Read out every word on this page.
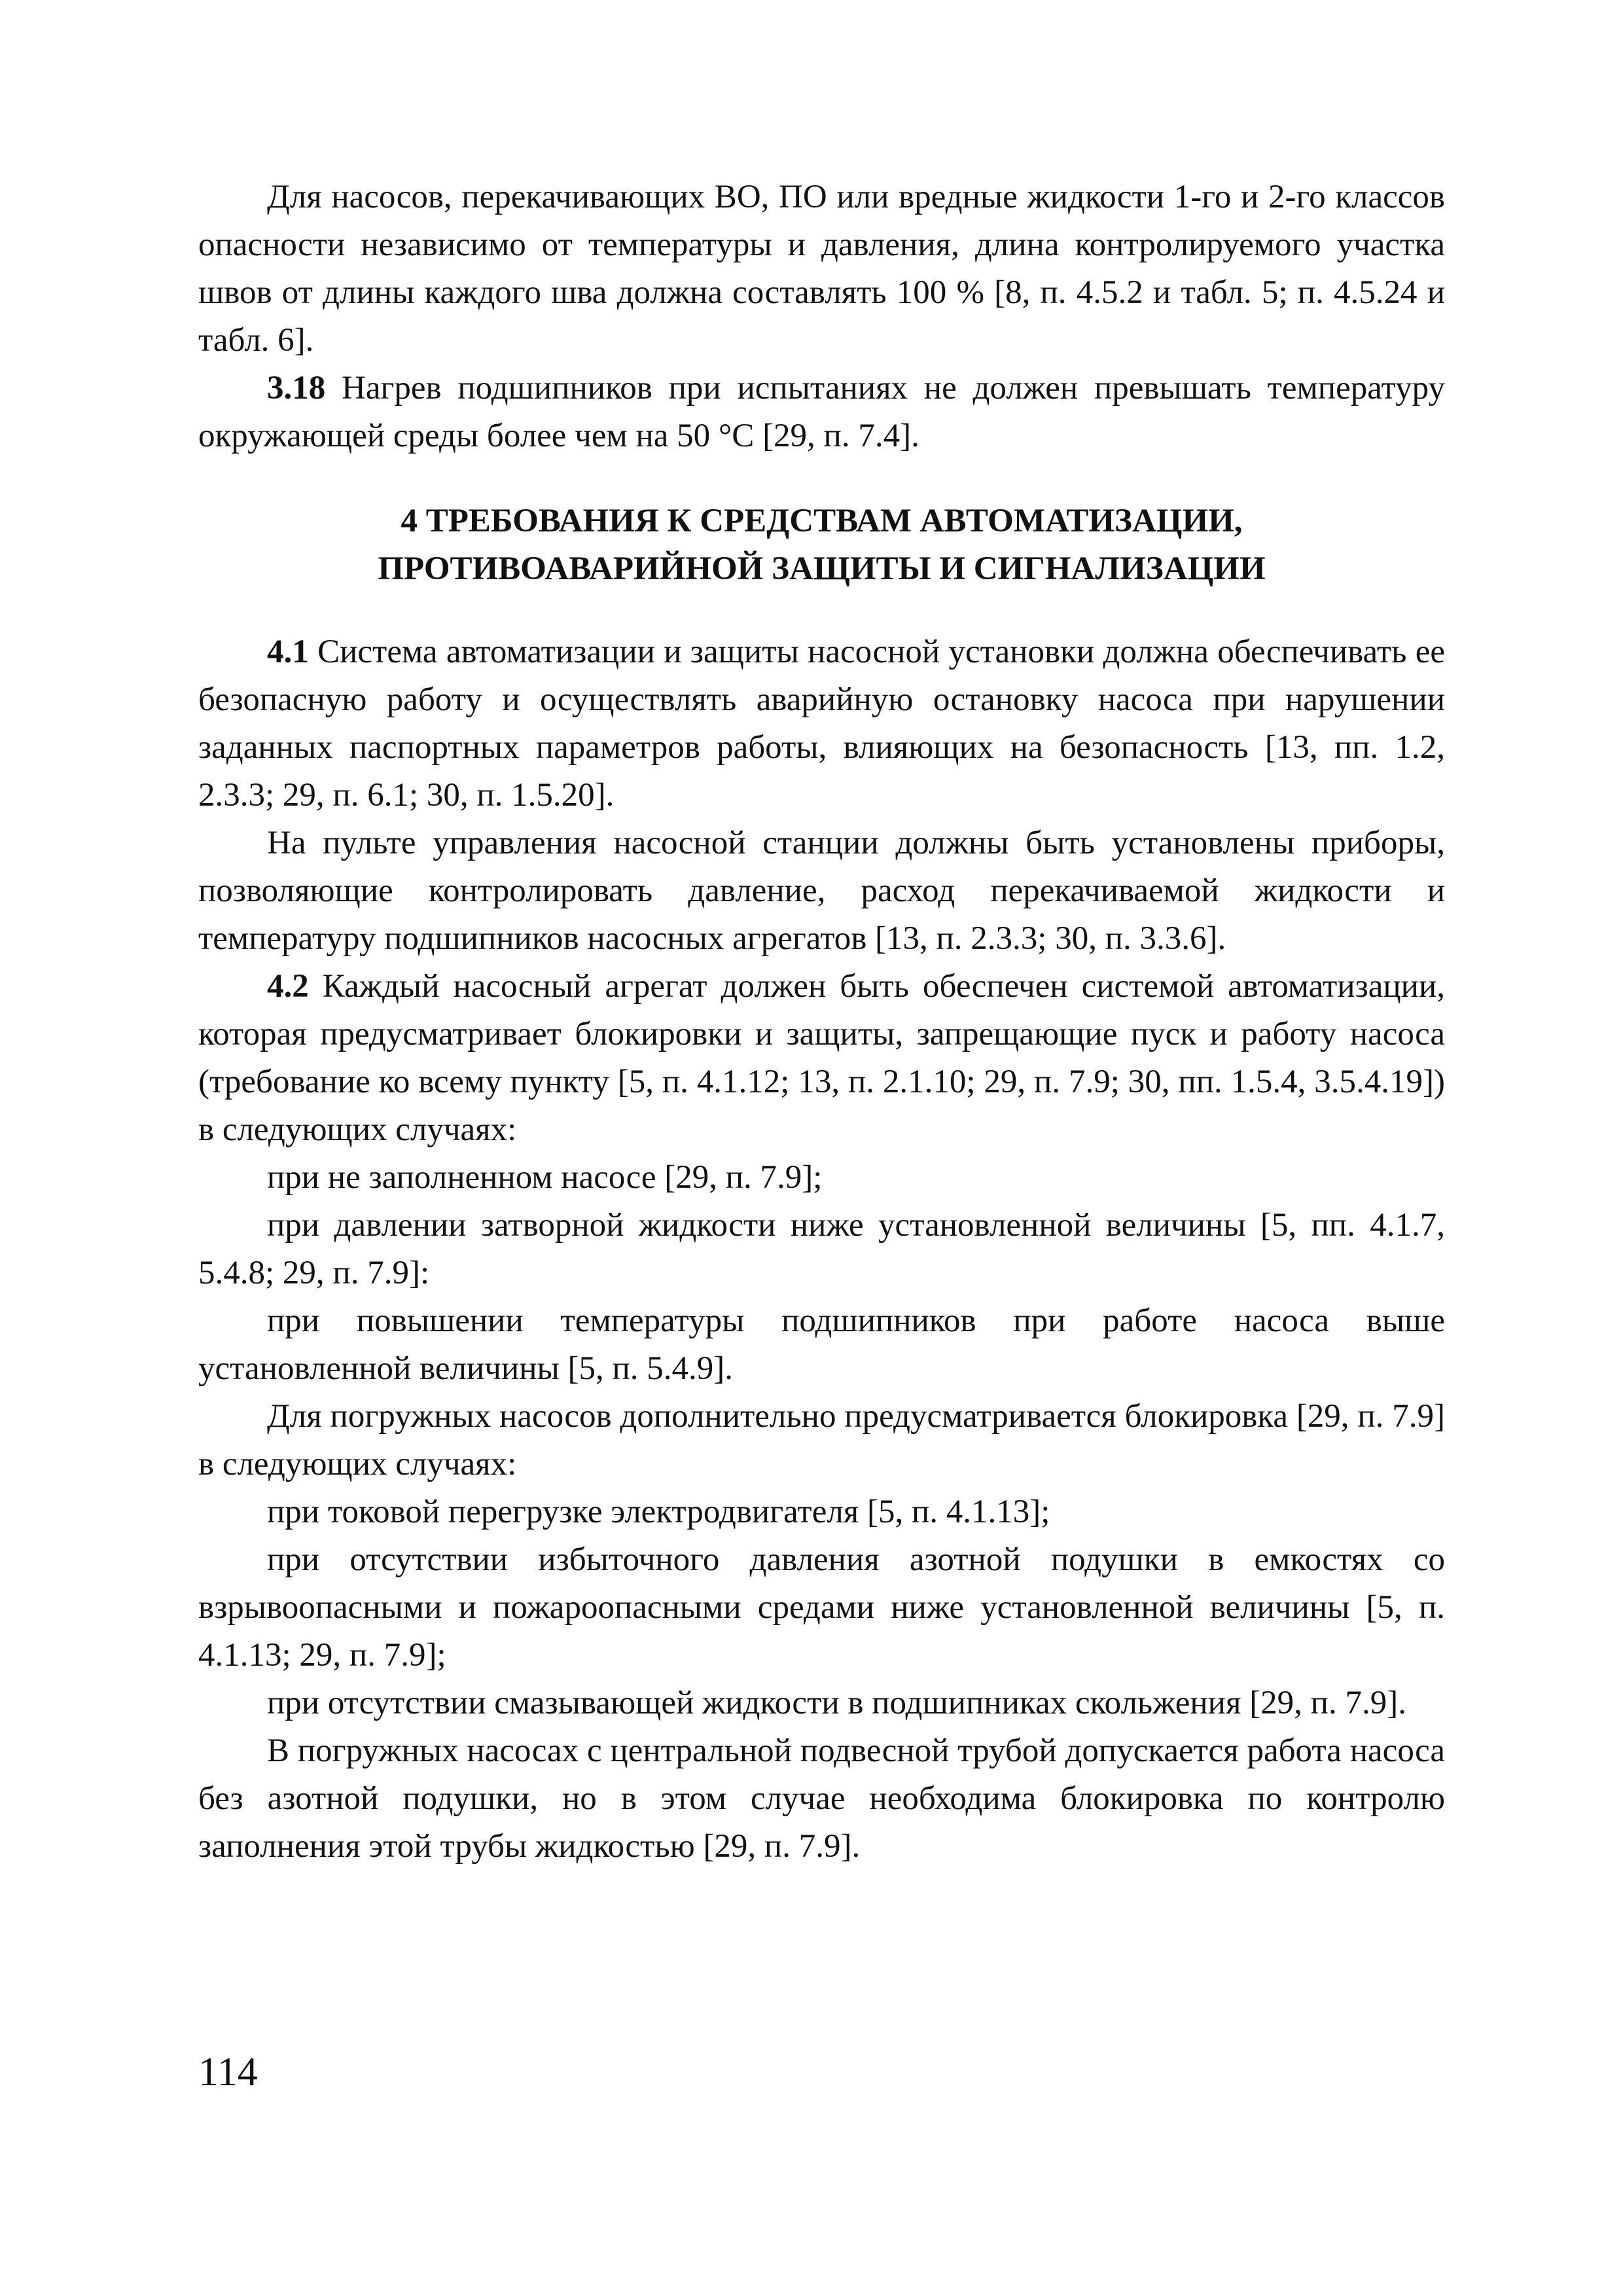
Для насосов, перекачивающих ВО, ПО или вредные жидкости 1-го и 2-го классов опасности независимо от температуры и давления, длина контролируемого участка швов от длины каждого шва должна составлять 100 % [8, п. 4.5.2 и табл. 5; п. 4.5.24 и табл. 6].

3.18 Нагрев подшипников при испытаниях не должен превышать температуру окружающей среды более чем на 50 °С [29, п. 7.4].

4 ТРЕБОВАНИЯ К СРЕДСТВАМ АВТОМАТИЗАЦИИ,
ПРОТИВОАВАРИЙНОЙ ЗАЩИТЫ И СИГНАЛИЗАЦИИ

4.1 Система автоматизации и защиты насосной установки должна обеспечивать ее безопасную работу и осуществлять аварийную остановку насоса при нарушении заданных паспортных параметров работы, влияющих на безопасность [13, пп. 1.2, 2.3.3; 29, п. 6.1; 30, п. 1.5.20].

На пульте управления насосной станции должны быть установлены приборы, позволяющие контролировать давление, расход перекачиваемой жидкости и температуру подшипников насосных агрегатов [13, п. 2.3.3; 30, п. 3.3.6].

4.2 Каждый насосный агрегат должен быть обеспечен системой автоматизации, которая предусматривает блокировки и защиты, запрещающие пуск и работу насоса (требование ко всему пункту [5, п. 4.1.12; 13, п. 2.1.10; 29, п. 7.9; 30, пп. 1.5.4, 3.5.4.19]) в следующих случаях:

при не заполненном насосе [29, п. 7.9];

при давлении затворной жидкости ниже установленной величины [5, пп. 4.1.7, 5.4.8; 29, п. 7.9]:

при повышении температуры подшипников при работе насоса выше установленной величины [5, п. 5.4.9].

Для погружных насосов дополнительно предусматривается блокировка [29, п. 7.9] в следующих случаях:

при токовой перегрузке электродвигателя [5, п. 4.1.13];

при отсутствии избыточного давления азотной подушки в емкостях со взрывоопасными и пожароопасными средами ниже установленной величины [5, п. 4.1.13; 29, п. 7.9];

при отсутствии смазывающей жидкости в подшипниках скольжения [29, п. 7.9].

В погружных насосах с центральной подвесной трубой допускается работа насоса без азотной подушки, но в этом случае необходима блокировка по контролю заполнения этой трубы жидкостью [29, п. 7.9].

114
